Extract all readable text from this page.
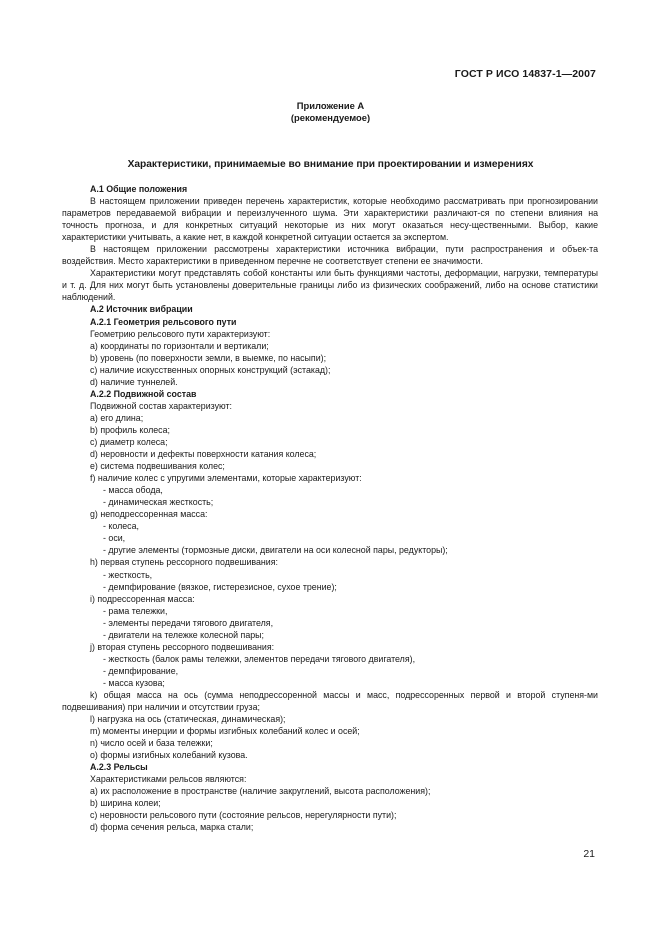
ГОСТ Р ИСО 14837-1—2007
Приложение А
(рекомендуемое)
Характеристики, принимаемые во внимание при проектировании и измерениях

А.1 Общие положения

В настоящем приложении приведен перечень характеристик, которые необходимо рассматривать при прогнозировании параметров передаваемой вибрации и переизлученного шума. Эти характеристики различают-ся по степени влияния на точность прогноза, и для конкретных ситуаций некоторые из них могут оказаться несу-щественными. Выбор, какие характеристики учитывать, а какие нет, в каждой конкретной ситуации остается за экспертом.

В настоящем приложении рассмотрены характеристики источника вибрации, пути распространения и объек-та воздействия. Место характеристики в приведенном перечне не соответствует степени ее значимости.

Характеристики могут представлять собой константы или быть функциями частоты, деформации, нагрузки, температуры и т. д. Для них могут быть установлены доверительные границы либо из физических соображений, либо на основе статистики наблюдений.

А.2 Источник вибрации

А.2.1 Геометрия рельсового пути

Геометрию рельсового пути характеризуют:

a) координаты по горизонтали и вертикали;

b) уровень (по поверхности земли, в выемке, по насыпи);

c) наличие искусственных опорных конструкций (эстакад);

d) наличие туннелей.

А.2.2 Подвижной состав

Подвижной состав характеризуют:

a) его длина;

b) профиль колеса;

c) диаметр колеса;

d) неровности и дефекты поверхности катания колеса;

e) система подвешивания колес;

f) наличие колес с упругими элементами, которые характеризуют:

- масса обода,

- динамическая жесткость;

g) неподрессоренная масса:

- колеса,

- оси,

- другие элементы (тормозные диски, двигатели на оси колесной пары, редукторы);

h) первая ступень рессорного подвешивания:

- жесткость,

- демпфирование (вязкое, гистерезисное, сухое трение);

i) подрессоренная масса:

- рама тележки,

- элементы передачи тягового двигателя,

- двигатели на тележке колесной пары;

j) вторая ступень рессорного подвешивания:

- жесткость (балок рамы тележки, элементов передачи тягового двигателя),

- демпфирование,

- масса кузова;

k) общая масса на ось (сумма неподрессоренной массы и масс, подрессоренных первой и второй ступеня-ми подвешивания) при наличии и отсутствии груза;

l) нагрузка на ось (статическая, динамическая);

m) моменты инерции и формы изгибных колебаний колес и осей;

n) число осей и база тележки;

o) формы изгибных колебаний кузова.

А.2.3 Рельсы

Характеристиками рельсов являются:

a) их расположение в пространстве (наличие закруглений, высота расположения);

b) ширина колеи;

c) неровности рельсового пути (состояние рельсов, нерегулярности пути);

d) форма сечения рельса, марка стали;

21
